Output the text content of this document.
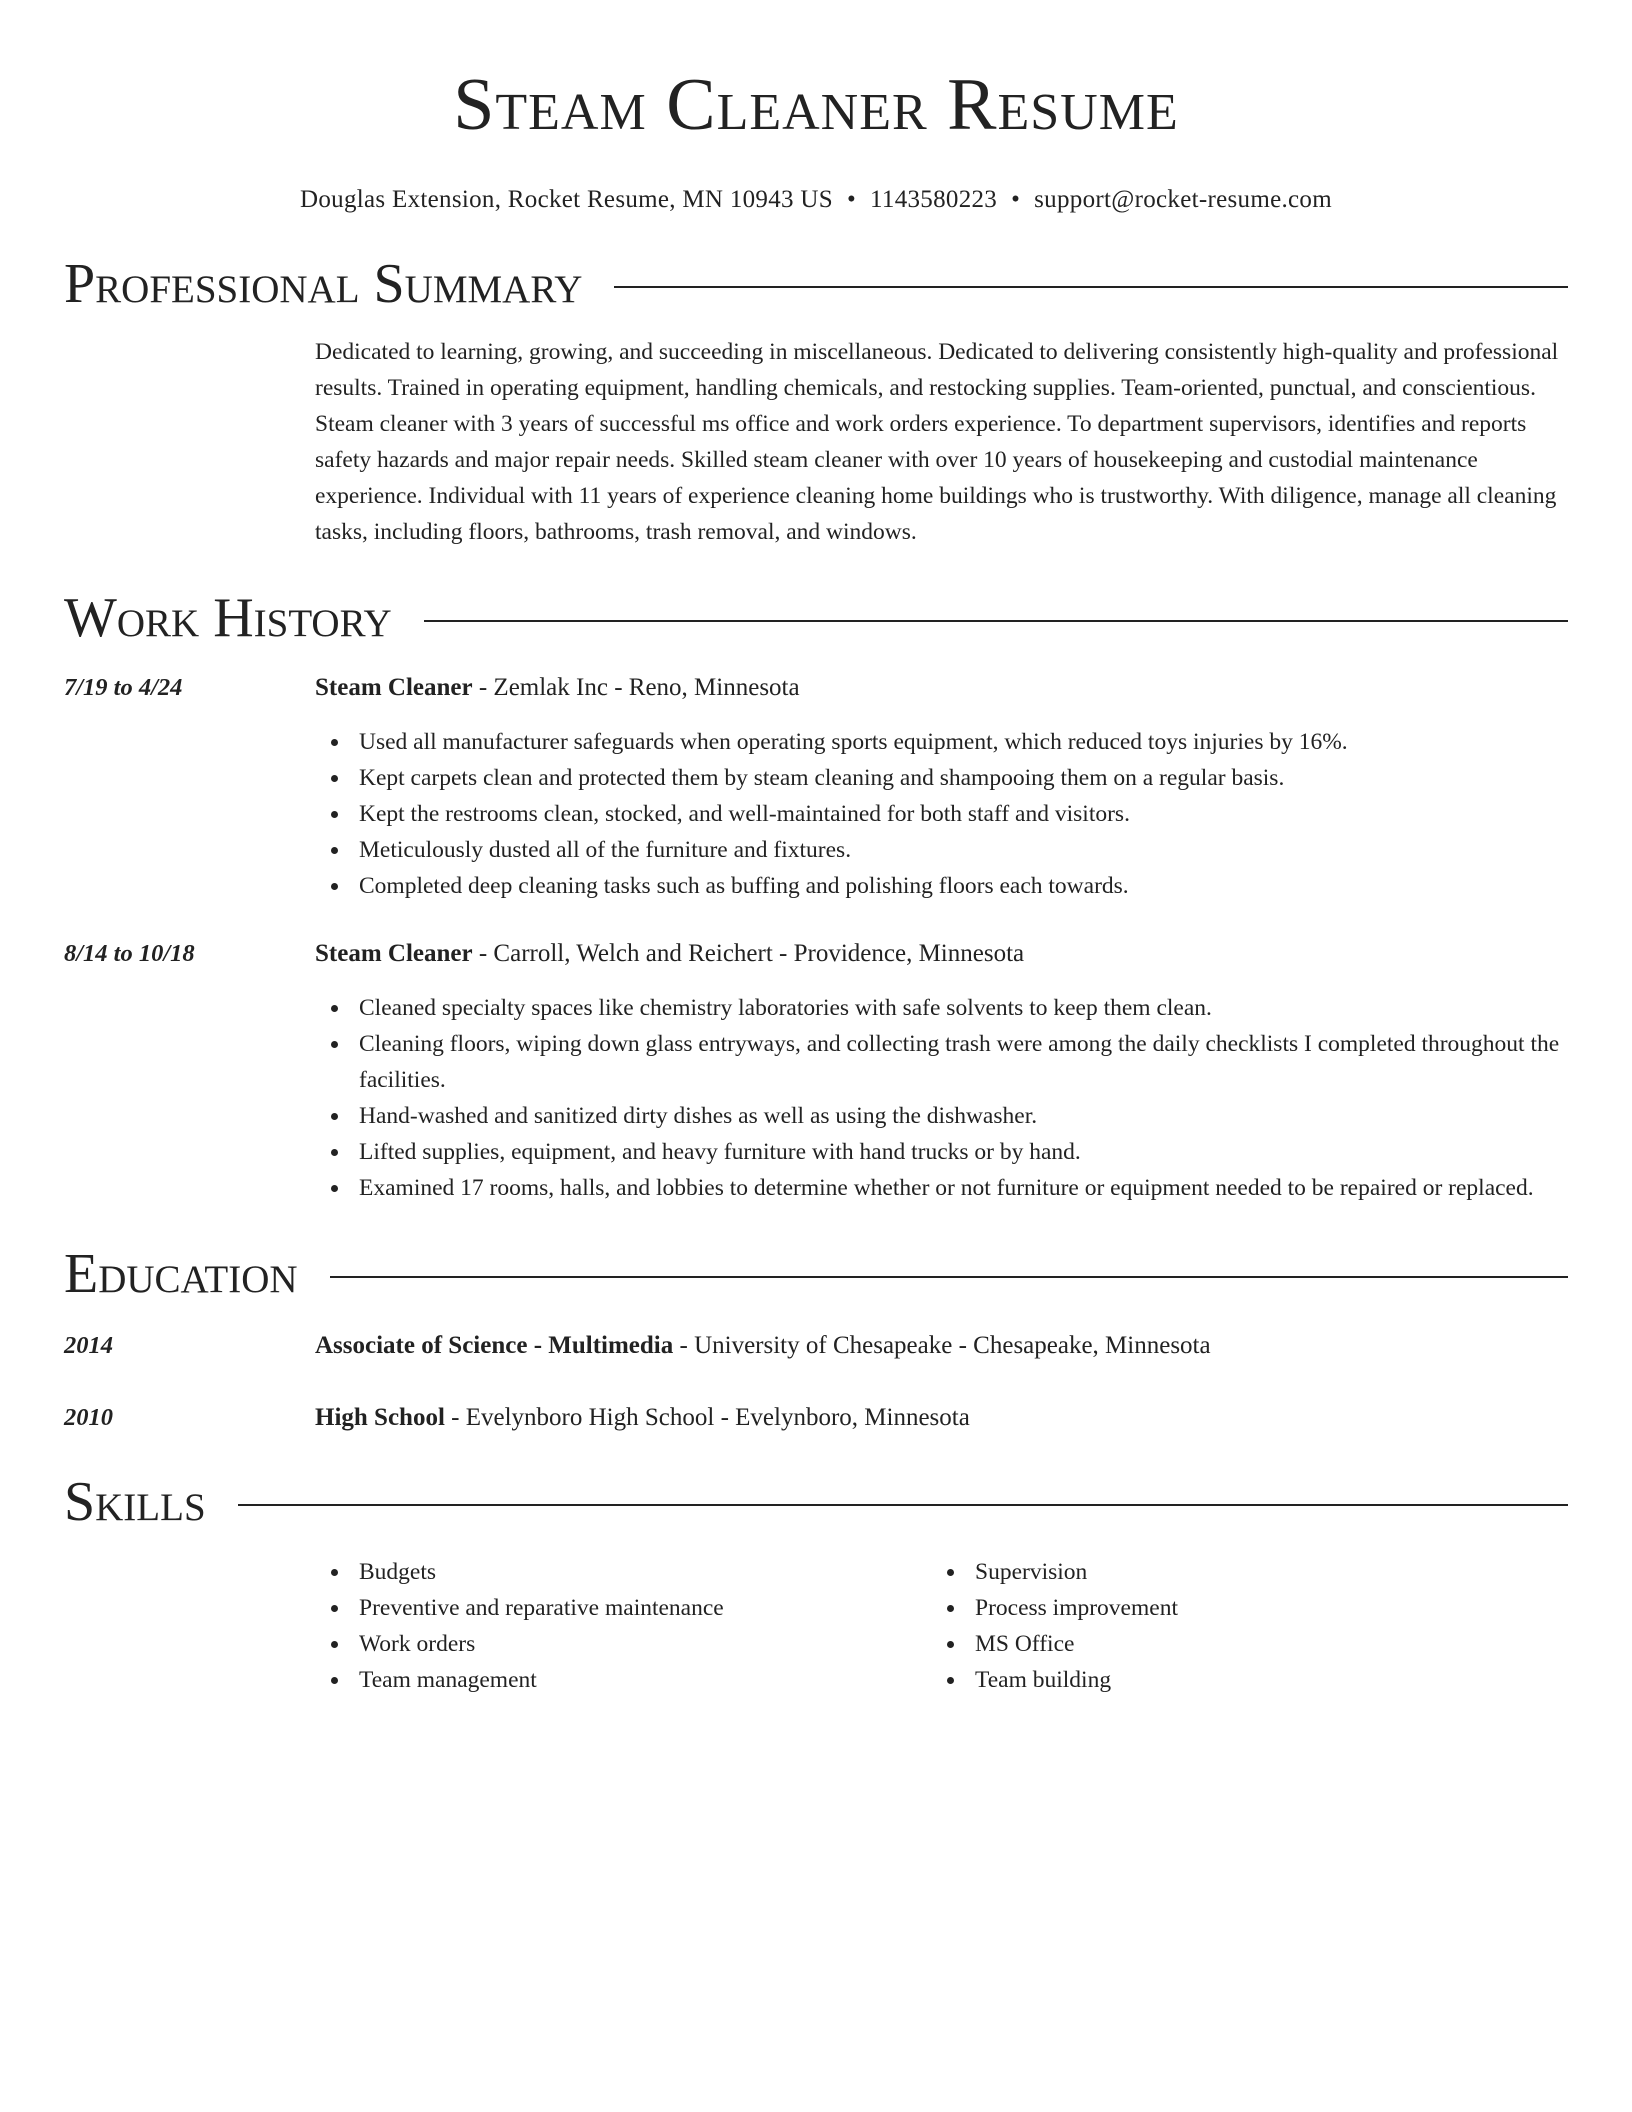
Steam Cleaner Resume
Douglas Extension, Rocket Resume, MN 10943 US • 1143580223 • support@rocket-resume.com
Professional Summary

Dedicated to learning, growing, and succeeding in miscellaneous. Dedicated to delivering consistently high-quality and professional results. Trained in operating equipment, handling chemicals, and restocking supplies. Team-oriented, punctual, and conscientious. Steam cleaner with 3 years of successful ms office and work orders experience. To department supervisors, identifies and reports safety hazards and major repair needs. Skilled steam cleaner with over 10 years of housekeeping and custodial maintenance experience. Individual with 11 years of experience cleaning home buildings who is trustworthy. With diligence, manage all cleaning tasks, including floors, bathrooms, trash removal, and windows.

Work History
7/19 to 4/24	Steam Cleaner - Zemlak Inc - Reno, Minnesota
Used all manufacturer safeguards when operating sports equipment, which reduced toys injuries by 16%.
Kept carpets clean and protected them by steam cleaning and shampooing them on a regular basis.
Kept the restrooms clean, stocked, and well-maintained for both staff and visitors.
Meticulously dusted all of the furniture and fixtures.
Completed deep cleaning tasks such as buffing and polishing floors each towards.
8/14 to 10/18	Steam Cleaner - Carroll, Welch and Reichert - Providence, Minnesota
Cleaned specialty spaces like chemistry laboratories with safe solvents to keep them clean.
Cleaning floors, wiping down glass entryways, and collecting trash were among the daily checklists I completed throughout the facilities.
Hand-washed and sanitized dirty dishes as well as using the dishwasher.
Lifted supplies, equipment, and heavy furniture with hand trucks or by hand.
Examined 17 rooms, halls, and lobbies to determine whether or not furniture or equipment needed to be repaired or replaced.
Education
2014	Associate of Science - Multimedia - University of Chesapeake - Chesapeake, Minnesota
2010	High School - Evelynboro High School - Evelynboro, Minnesota
Skills
Budgets
Preventive and reparative maintenance
Work orders
Team management
Supervision
Process improvement
MS Office
Team building
